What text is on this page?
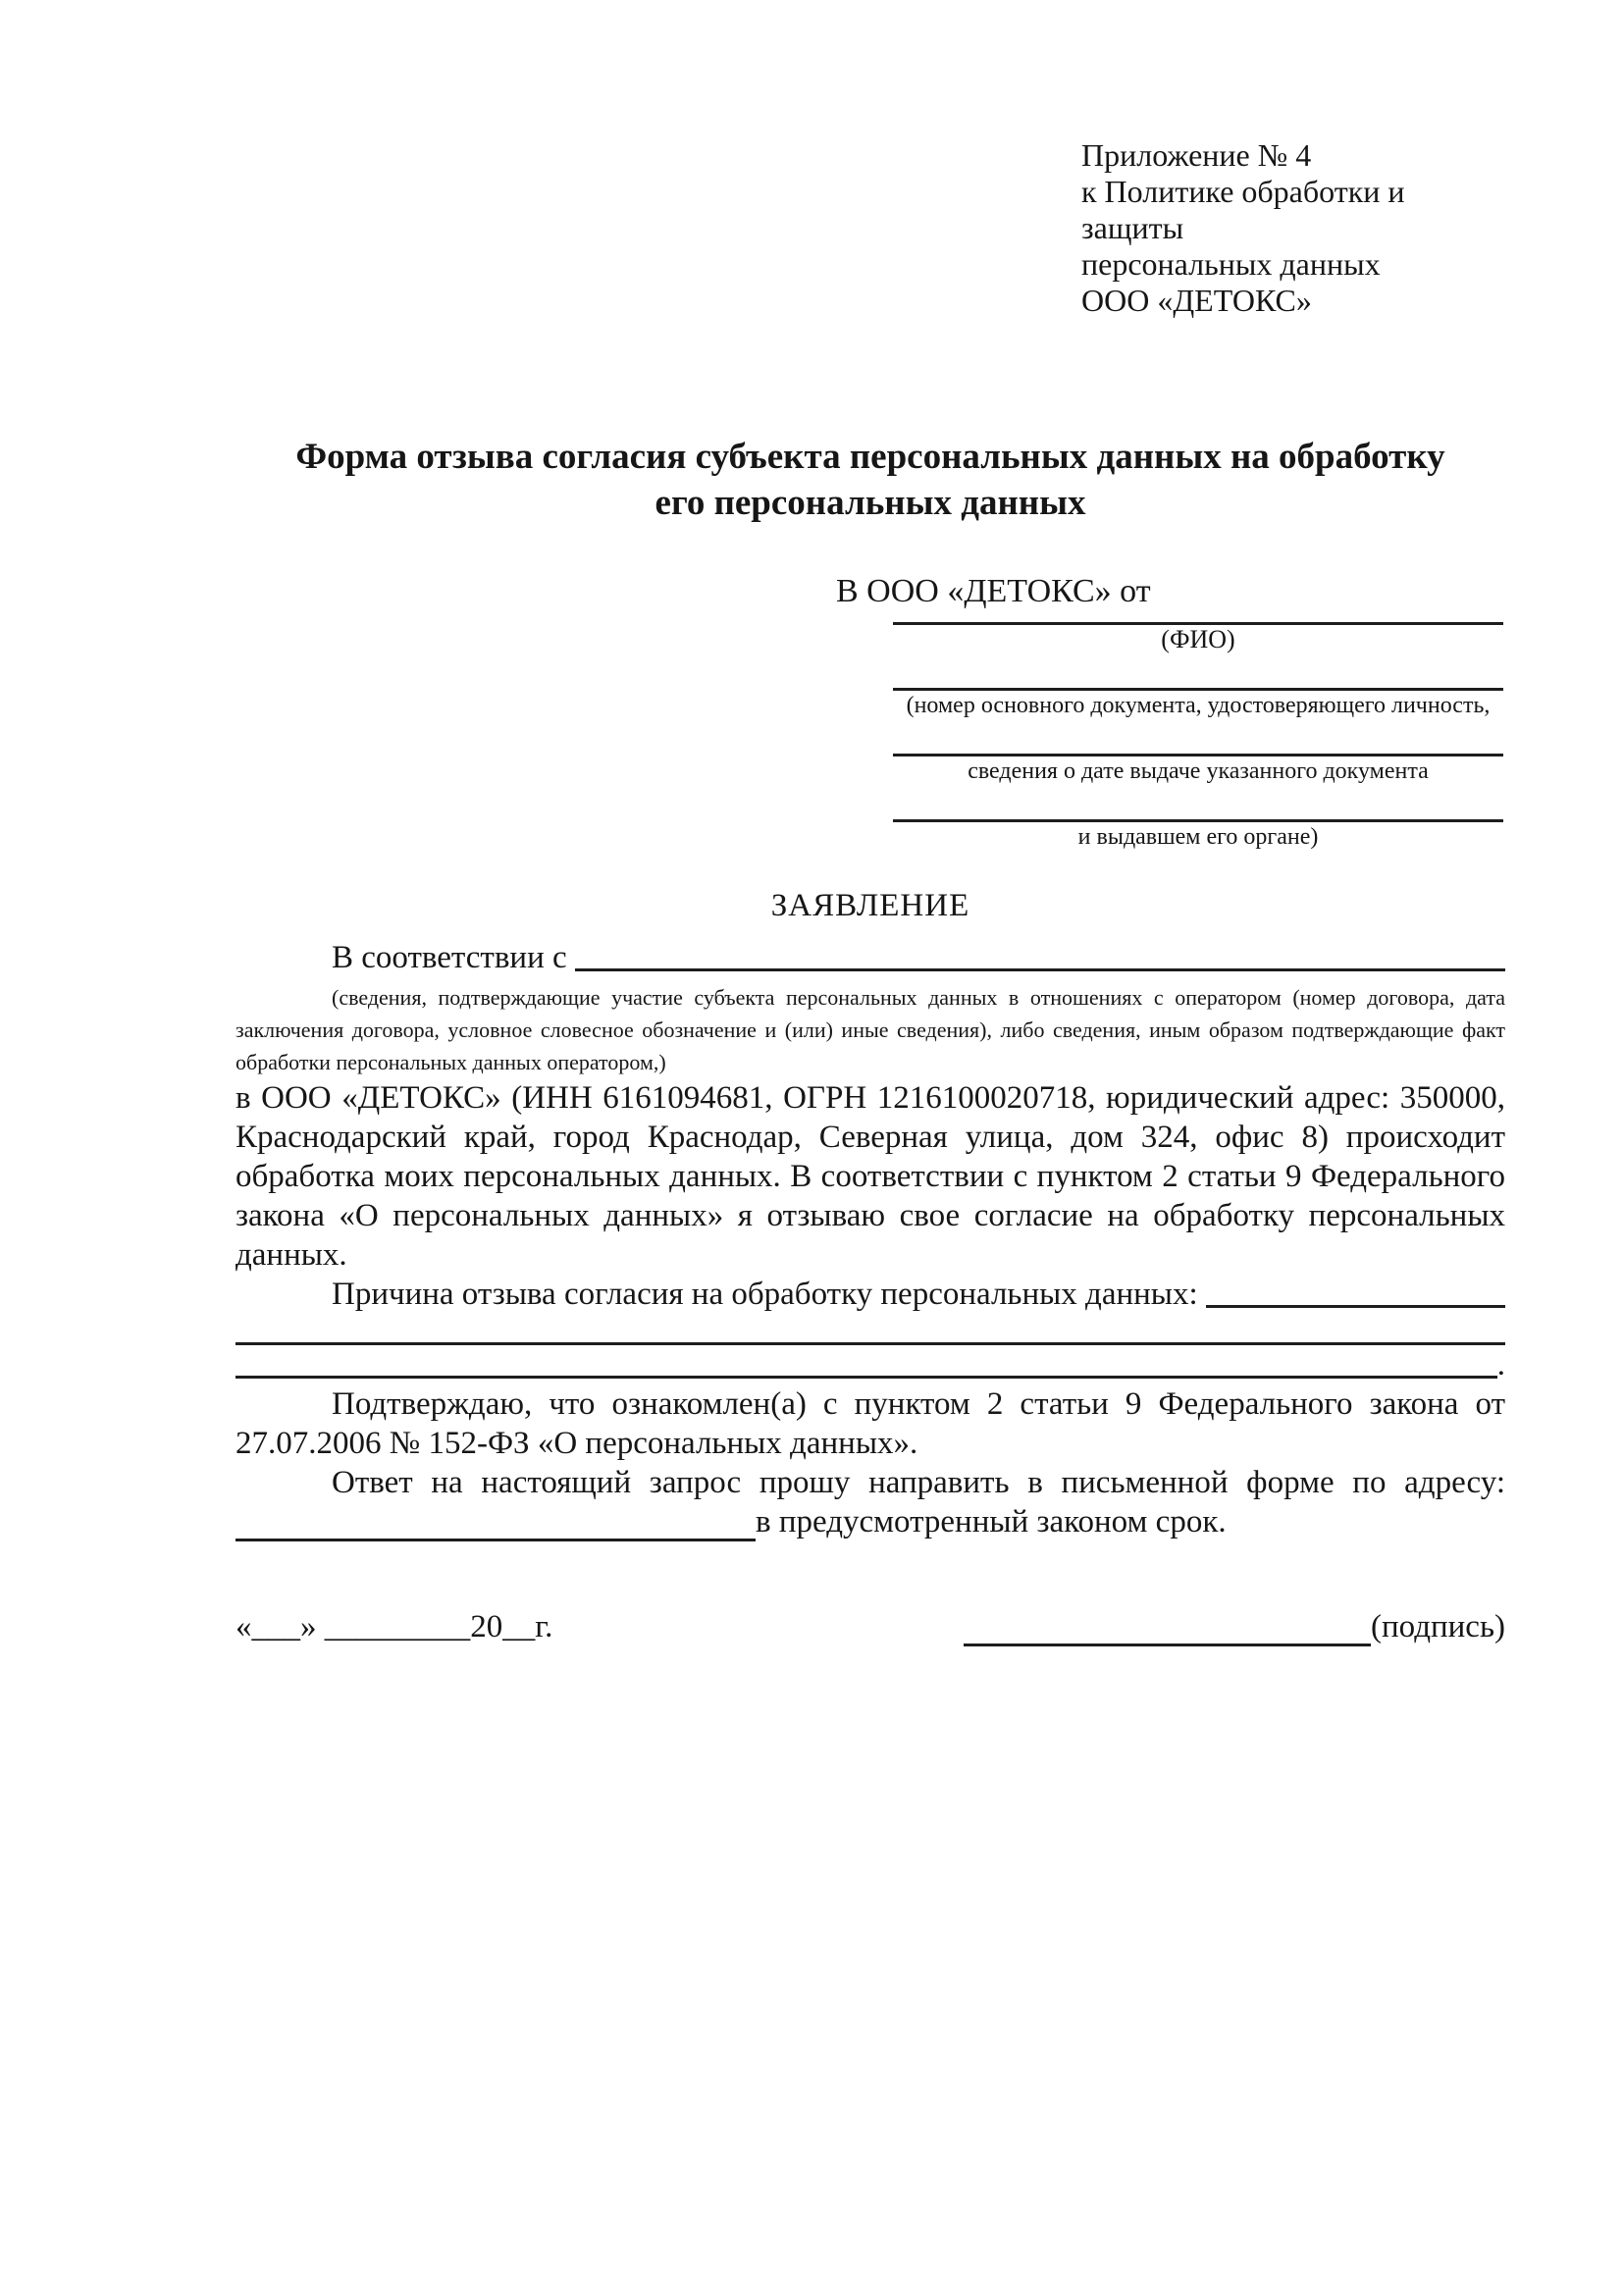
Приложение № 4
к Политике обработки и защиты
персональных данных
ООО «ДЕТОКС»
Форма отзыва согласия субъекта персональных данных на обработку
его персональных данных
В ООО «ДЕТОКС» от
(ФИО)
(номер основного документа, удостоверяющего личность,
сведения о дате выдаче указанного документа
и выдавшем его органе)
ЗАЯВЛЕНИЕ
В соответствии с
(сведения, подтверждающие участие субъекта персональных данных в отношениях с оператором (номер договора, дата заключения договора, условное словесное обозначение и (или) иные сведения), либо сведения, иным образом подтверждающие факт обработки персональных данных оператором,)
в ООО «ДЕТОКС» (ИНН 6161094681, ОГРН 1216100020718, юридический адрес: 350000, Краснодарский край, город Краснодар, Северная улица, дом 324, офис 8) происходит обработка моих персональных данных. В соответствии с пунктом 2 статьи 9 Федерального закона «О персональных данных» я отзываю свое согласие на обработку персональных данных.
Причина отзыва согласия на обработку персональных данных:
.
Подтверждаю, что ознакомлен(а) с пунктом 2 статьи 9 Федерального закона от 27.07.2006 № 152-ФЗ «О персональных данных».
Ответ на настоящий запрос прошу направить в письменной форме по адресу:
в предусмотренный законом срок.
«___» _________20__г.	(подпись)
